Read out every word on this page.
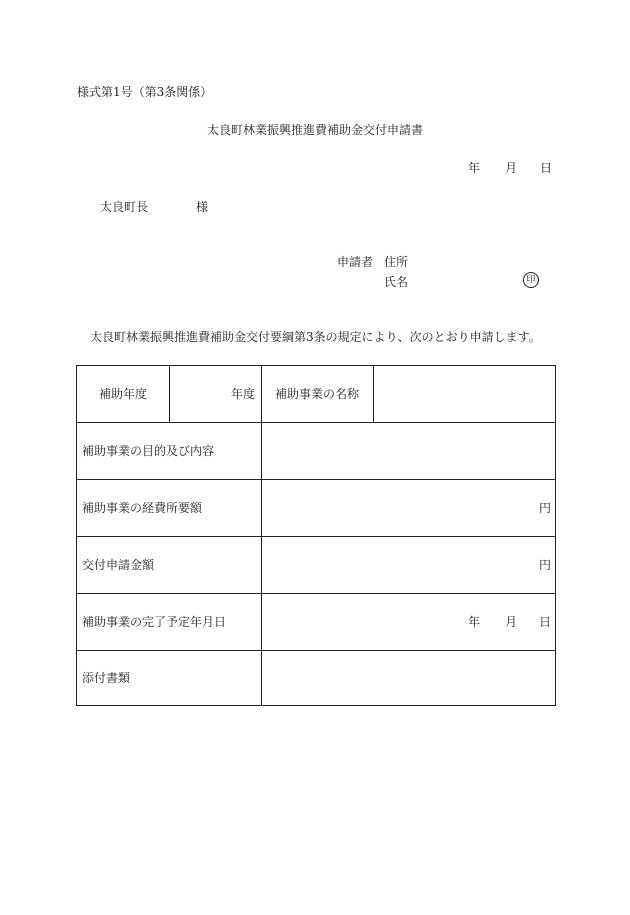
様式第1号（第3条関係）
太良町林業振興推進費補助金交付申請書
年 月 日
太良町長	様
申請者 住所
氏名	印
太良町林業振興推進費補助金交付要綱第3条の規定により、次のとおり申請します。
補助年度	年度 補助事業の名称
補助事業の目的及び内容
補助事業の経費所要額	円
交付申請金額	円
補助事業の完了予定年月日	年 月 日
添付書類
